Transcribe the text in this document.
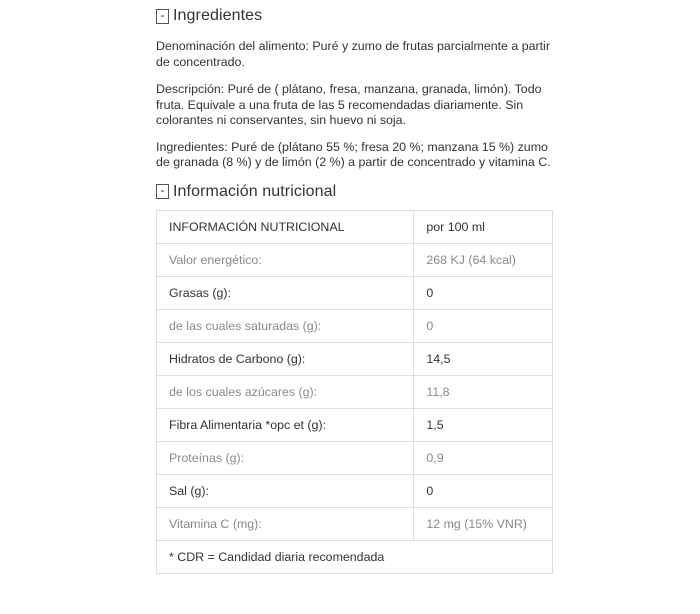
- Ingredientes

Denominación del alimento: Puré y zumo de frutas parcialmente a partir de concentrado.

Descripción: Puré de ( plátano, fresa, manzana, granada, limón). Todo fruta. Equivale a una fruta de las 5 recomendadas diariamente. Sin colorantes ni conservantes, sin huevo ni soja.

Ingredientes: Puré de (plátano 55 %; fresa 20 %; manzana 15 %) zumo de granada (8 %) y de limón (2 %) a partir de concentrado y vitamina C.

- Información nutricional
INFORMACIÓN NUTRICIONAL	por 100 ml
Valor energético:	268 KJ (64 kcal)
Grasas (g):	0
de las cuales saturadas (g):	0
Hidratos de Carbono (g):	14,5
de los cuales azúcares (g):	11,8
Fibra Alimentaria *opc et (g):	1,5
Proteínas (g):	0,9
Sal (g):	0
Vitamina C (mg):	12 mg (15% VNR)
* CDR = Candidad diaria recomendada	
